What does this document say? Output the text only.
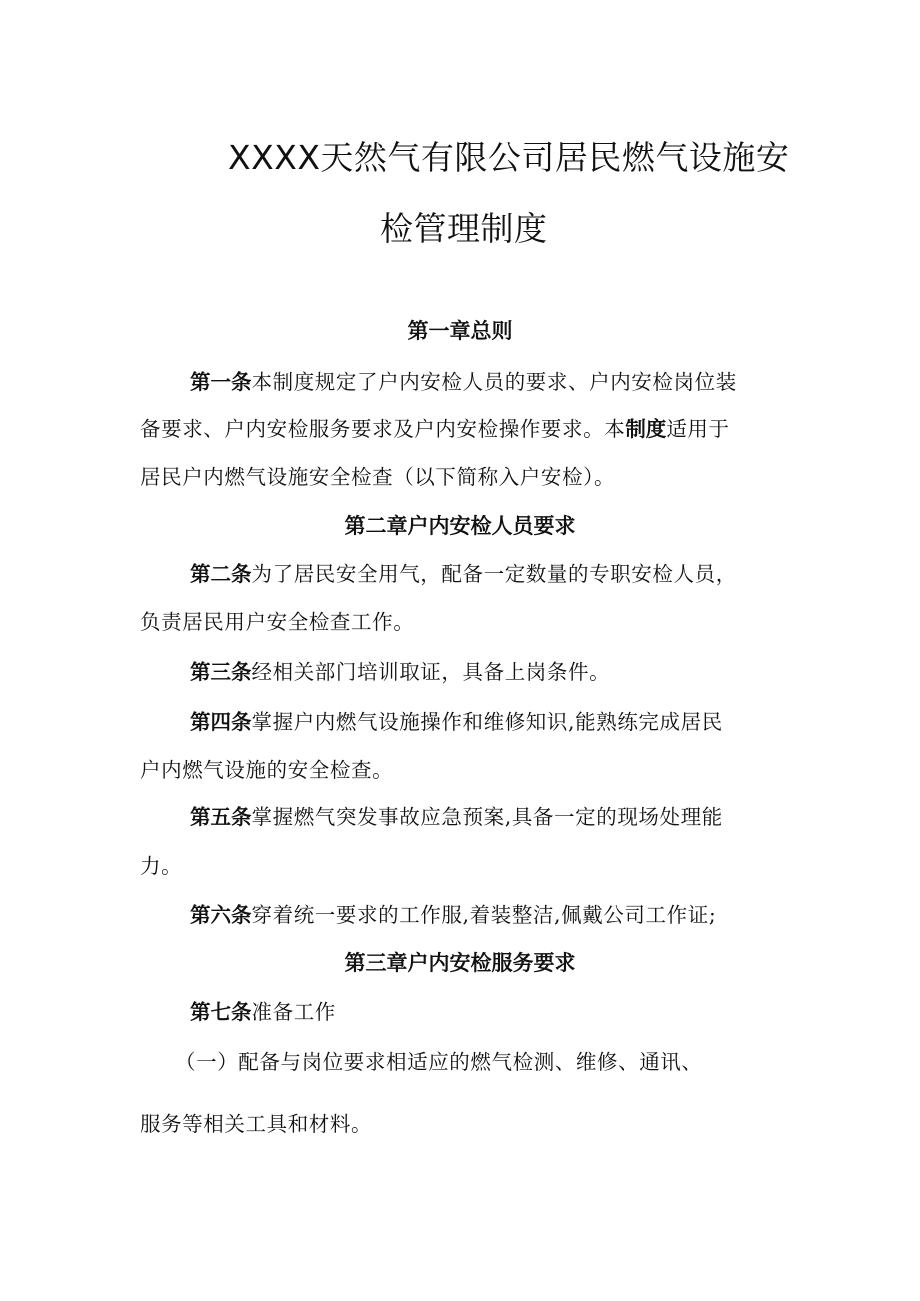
XXXX天然气有限公司居民燃气设施安
检管理制度
第一章总则
第一条本制度规定了户内安检人员的要求、户内安检岗位装
备要求、户内安检服务要求及户内安检操作要求。本制度适用于
居民户内燃气设施安全检查（以下简称入户安检）。
第二章户内安检人员要求
第二条为了居民安全用气，配备一定数量的专职安检人员，
负责居民用户安全检查工作。
第三条经相关部门培训取证，具备上岗条件。
第四条掌握户内燃气设施操作和维修知识,能熟练完成居民
户内燃气设施的安全检查。
第五条掌握燃气突发事故应急预案,具备一定的现场处理能
力。
第六条穿着统一要求的工作服,着装整洁,佩戴公司工作证;
第三章户内安检服务要求
第七条准备工作
（一）配备与岗位要求相适应的燃气检测、维修、通讯、
服务等相关工具和材料。
